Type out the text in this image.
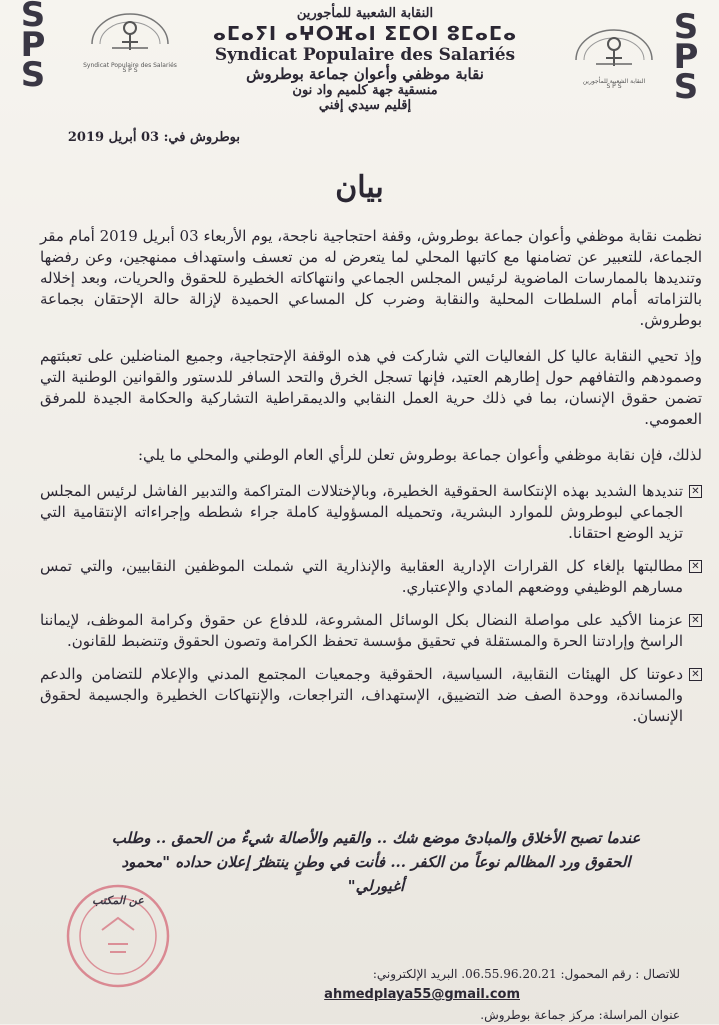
S
P
S
S
P
S
Syndicat Populaire des Salariés
S P S
النقابة الشعبية للمأجورين
S P S

النقابة الشعبية للمأجورين

ⴰⵎⴰⵢⵏ ⴰⵖⵔⴼⴰⵏ ⵉⵎⵔⵏ ⵓⵎⴰⵎⴰ

Syndicat Populaire des Salariés

نقابة موظفي وأعوان جماعة بوطروش

منسقية جهة كلميم واد نون

إقليم سيدي إفني

بوطروش في: 03 أبريل 2019
بيان

نظمت نقابة موظفي وأعوان جماعة بوطروش، وقفة احتجاجية ناجحة، يوم الأربعاء 03 أبريل 2019 أمام مقر الجماعة، للتعبير عن تضامنها مع كاتبها المحلي لما يتعرض له من تعسف واستهداف ممنهجين، وعن رفضها وتنديدها بالممارسات الماضوية لرئيس المجلس الجماعي وانتهاكاته الخطيرة للحقوق والحريات، وبعد إخلاله بالتزاماته أمام السلطات المحلية والنقابة وضرب كل المساعي الحميدة لإزالة حالة الإحتقان بجماعة بوطروش.

وإذ تحيي النقابة عاليا كل الفعاليات التي شاركت في هذه الوقفة الإحتجاجية، وجميع المناضلين على تعبئتهم وصمودهم والتفافهم حول إطارهم العتيد، فإنها تسجل الخرق والتحد السافر للدستور والقوانين الوطنية التي تضمن حقوق الإنسان، بما في ذلك حرية العمل النقابي والديمقراطية التشاركية والحكامة الجيدة للمرفق العمومي.

لذلك، فإن نقابة موظفي وأعوان جماعة بوطروش تعلن للرأي العام الوطني والمحلي ما يلي:

✕
تنديدها الشديد بهذه الإنتكاسة الحقوقية الخطيرة، وبالإختلالات المتراكمة والتدبير الفاشل لرئيس المجلس الجماعي لبوطروش للموارد البشرية، وتحميله المسؤولية كاملة جراء شططه وإجراءاته الإنتقامية التي تزيد الوضع احتقانا.
✕
مطالبتها بإلغاء كل القرارات الإدارية العقابية والإنذارية التي شملت الموظفين النقابيين، والتي تمس مسارهم الوظيفي ووضعهم المادي والإعتباري.
✕
عزمنا الأكيد على مواصلة النضال بكل الوسائل المشروعة، للدفاع عن حقوق وكرامة الموظف، لإيماننا الراسخ وإرادتنا الحرة والمستقلة في تحقيق مؤسسة تحفظ الكرامة وتصون الحقوق وتنضبط للقانون.
✕
دعوتنا كل الهيئات النقابية، السياسية، الحقوقية وجمعيات المجتمع المدني والإعلام للتضامن والدعم والمساندة، ووحدة الصف ضد التضييق، الإستهداف، التراجعات، والإنتهاكات الخطيرة والجسيمة لحقوق الإنسان.
عندما تصبح الأخلاق والمبادئ موضع شك .. والقيم والأصالة شيءٌ من الحمق .. وطلب الحقوق ورد المظالم نوعاً من الكفر ... فأنت في وطنٍ ينتظرُ إعلان حداده "محمود أغيورلي"
عن المكتب
للاتصال : رقم المحمول: 06.55.96.20.21. البريد الإلكتروني:
ahmedplaya55@gmail.com
عنوان المراسلة: مركز جماعة بوطروش.
